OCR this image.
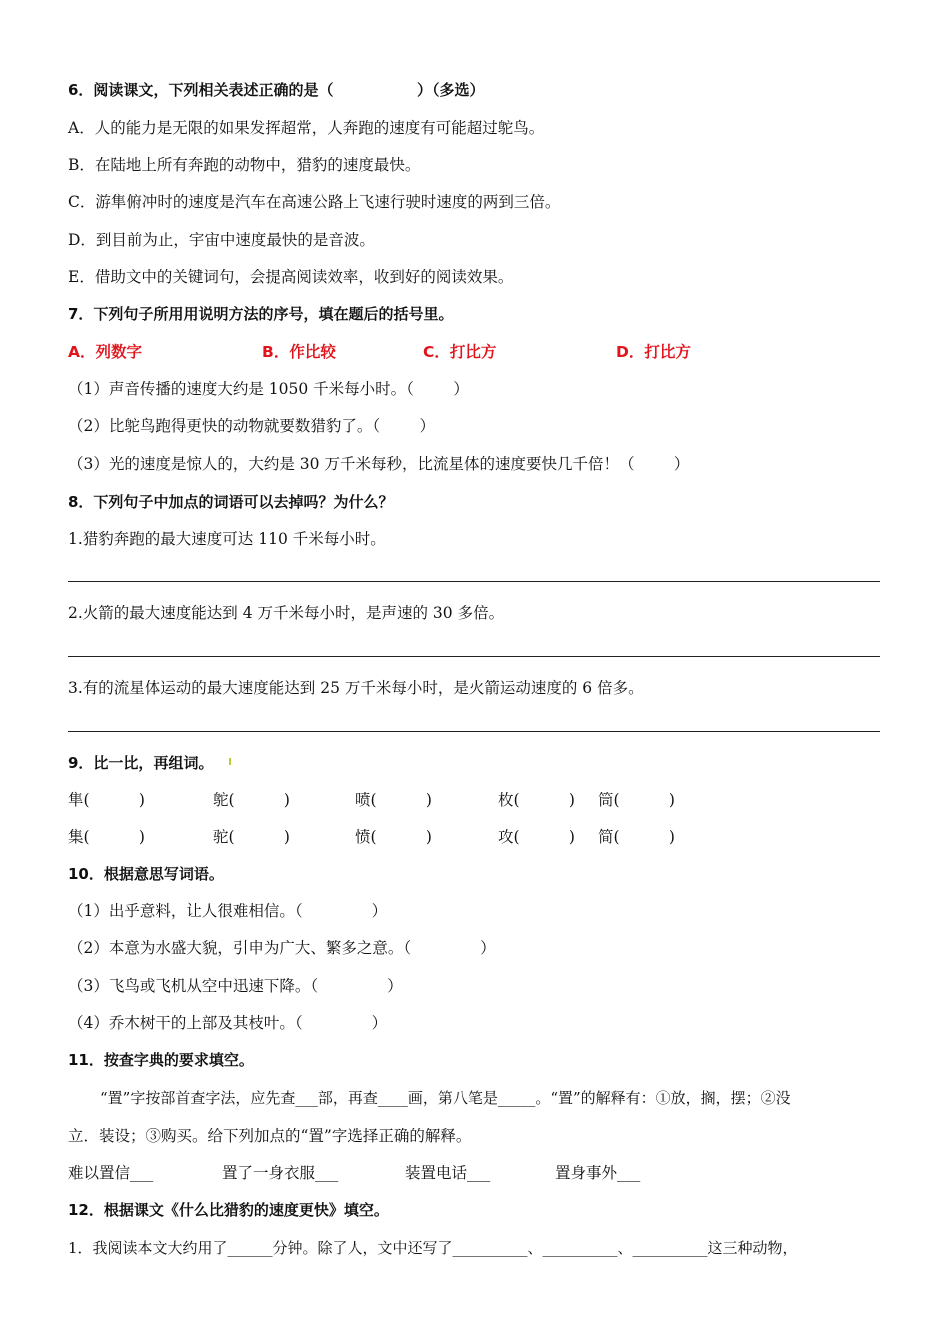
6．阅读课文，下列相关表述正确的是（                ）（多选）
A．人的能力是无限的如果发挥超常，人奔跑的速度有可能超过鸵鸟。
B．在陆地上所有奔跑的动物中，猎豹的速度最快。
C．游隼俯冲时的速度是汽车在高速公路上飞速行驶时速度的两到三倍。
D．到目前为止，宇宙中速度最快的是音波。
E．借助文中的关键词句，会提高阅读效率，收到好的阅读效果。
7．下列句子所用用说明方法的序号，填在题后的括号里。
A．列数字	B．作比较	C．打比方	D．打比方
（1）声音传播的速度大约是 1050 千米每小时。（        ）
（2）比鸵鸟跑得更快的动物就要数猎豹了。（        ）
（3）光的速度是惊人的，大约是 30 万千米每秒，比流星体的速度要快几千倍！（        ）
8．下列句子中加点的词语可以去掉吗？为什么？
1.猎豹奔跑的最大速度可达 110 千米每小时。
2.火箭的最大速度能达到 4 万千米每小时，是声速的 30 多倍。
3.有的流星体运动的最大速度能达到 25 万千米每小时，是火箭运动速度的 6 倍多。
9．比一比，再组词。
隼(          )	鸵(          )	喷(          )	枚(          ) 筒(          )
集(          )	驼(          )	愤(          )	攻(          ) 简(          )
10．根据意思写词语。
（1）出乎意料，让人很难相信。（              ）
（2）本意为水盛大貌，引申为广大、繁多之意。（              ）
（3）飞鸟或飞机从空中迅速下降。（              ）
（4）乔木树干的上部及其枝叶。（              ）
11．按查字典的要求填空。
“置”字按部首查字法，应先查___部，再查____画，第八笔是_____。“置”的解释有：①放，搁，摆；②没
立．装设；③购买。给下列加点的“置”字选择正确的解释。
难以置信___	置了一身衣服___	装置电话___	置身事外___
12．根据课文《什么比猎豹的速度更快》填空。
1．我阅读本文大约用了______分钟。除了人，文中还写了__________、__________、__________这三种动物，
